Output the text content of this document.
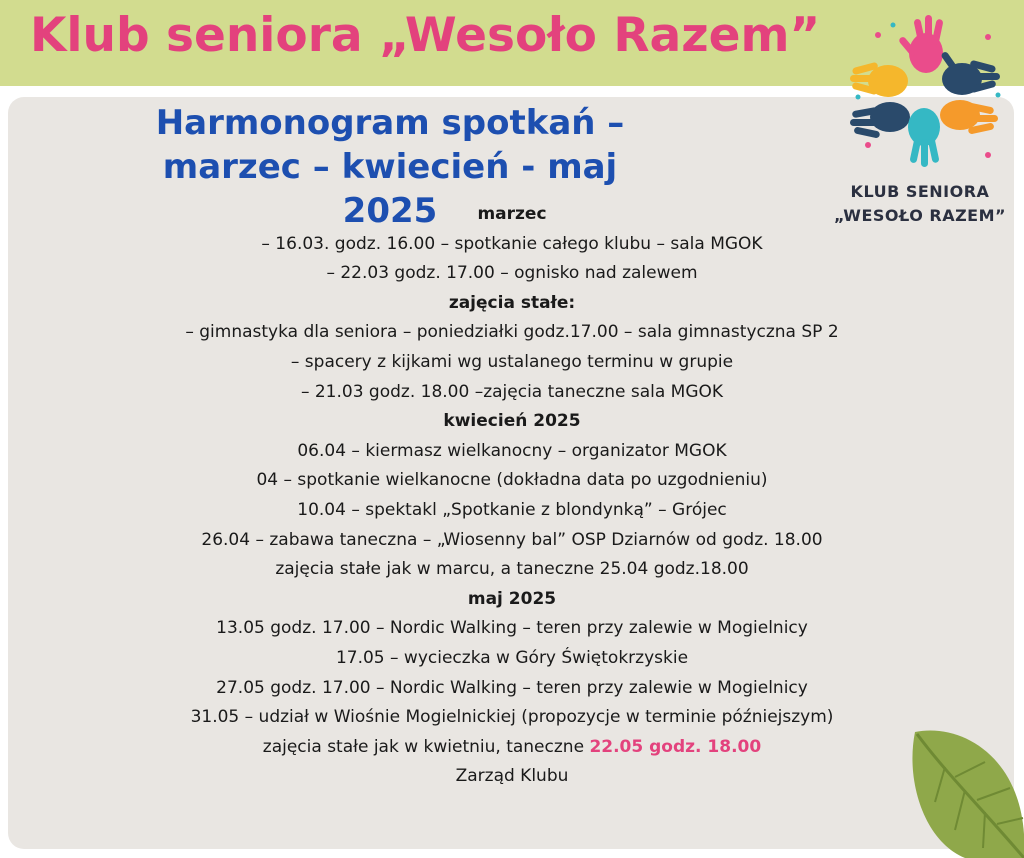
Klub seniora „Wesoło Razem”
Harmonogram spotkań –
marzec – kwiecień - maj 2025	marzec
– 16.03. godz. 16.00 – spotkanie całego klubu – sala MGOK
– 22.03 godz. 17.00 – ognisko nad zalewem
zajęcia stałe:
– gimnastyka dla seniora – poniedziałki godz.17.00 – sala gimnastyczna SP 2
– spacery z kijkami wg ustalanego terminu w grupie
– 21.03 godz. 18.00 –zajęcia taneczne sala MGOK
kwiecień 2025
06.04 – kiermasz wielkanocny – organizator MGOK
04 – spotkanie wielkanocne (dokładna data po uzgodnieniu)
10.04 – spektakl „Spotkanie z blondynką” – Grójec
26.04 – zabawa taneczna – „Wiosenny bal” OSP Dziarnów od godz. 18.00
zajęcia stałe jak w marcu, a taneczne 25.04 godz.18.00
maj 2025
13.05 godz. 17.00 – Nordic Walking – teren przy zalewie w Mogielnicy
17.05 – wycieczka w Góry Świętokrzyskie
27.05 godz. 17.00 – Nordic Walking – teren przy zalewie w Mogielnicy
31.05 – udział w Wiośnie Mogielnickiej (propozycje w terminie późniejszym)
zajęcia stałe jak w kwietniu, taneczne 22.05 godz. 18.00
Zarząd Klubu
KLUB SENIORA
„WESOŁO RAZEM”
